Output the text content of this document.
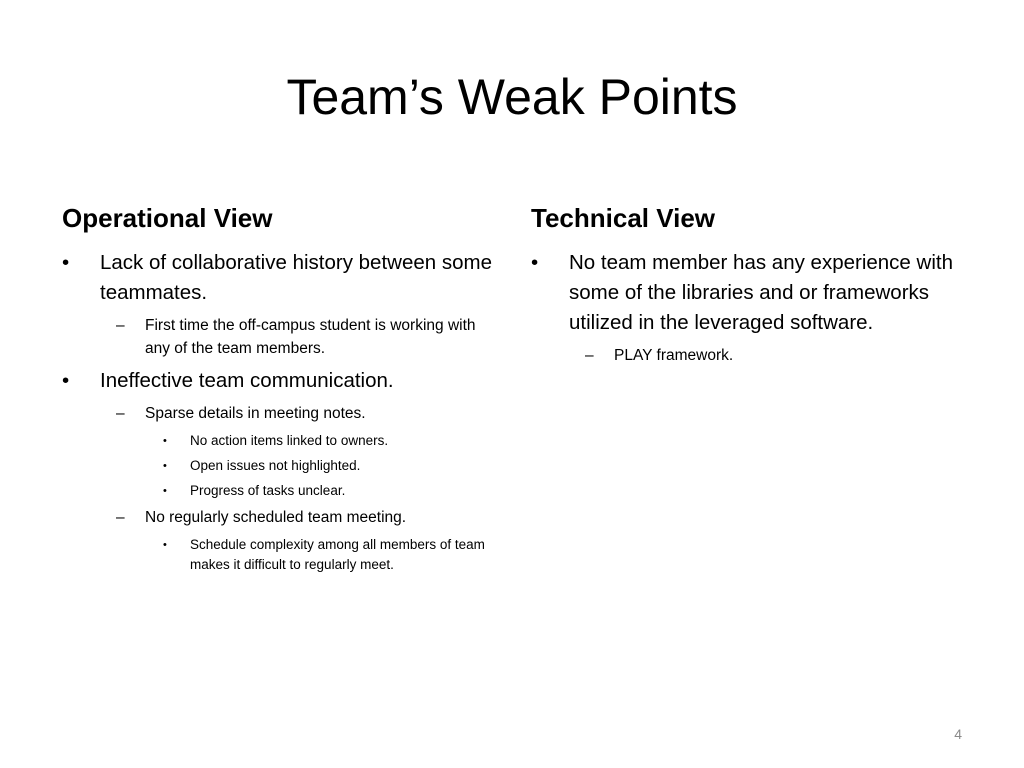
Team’s Weak Points
Operational View
• Lack of collaborative history between some teammates.
– First time the off-campus student is working with any of the team members.
• Ineffective team communication.
– Sparse details in meeting notes.
• No action items linked to owners.
• Open issues not highlighted.
• Progress of tasks unclear.
– No regularly scheduled team meeting.
• Schedule complexity among all members of team makes it difficult to regularly meet.
Technical View
• No team member has any experience with some of the libraries and or frameworks utilized in the leveraged software.
– PLAY framework.
4
